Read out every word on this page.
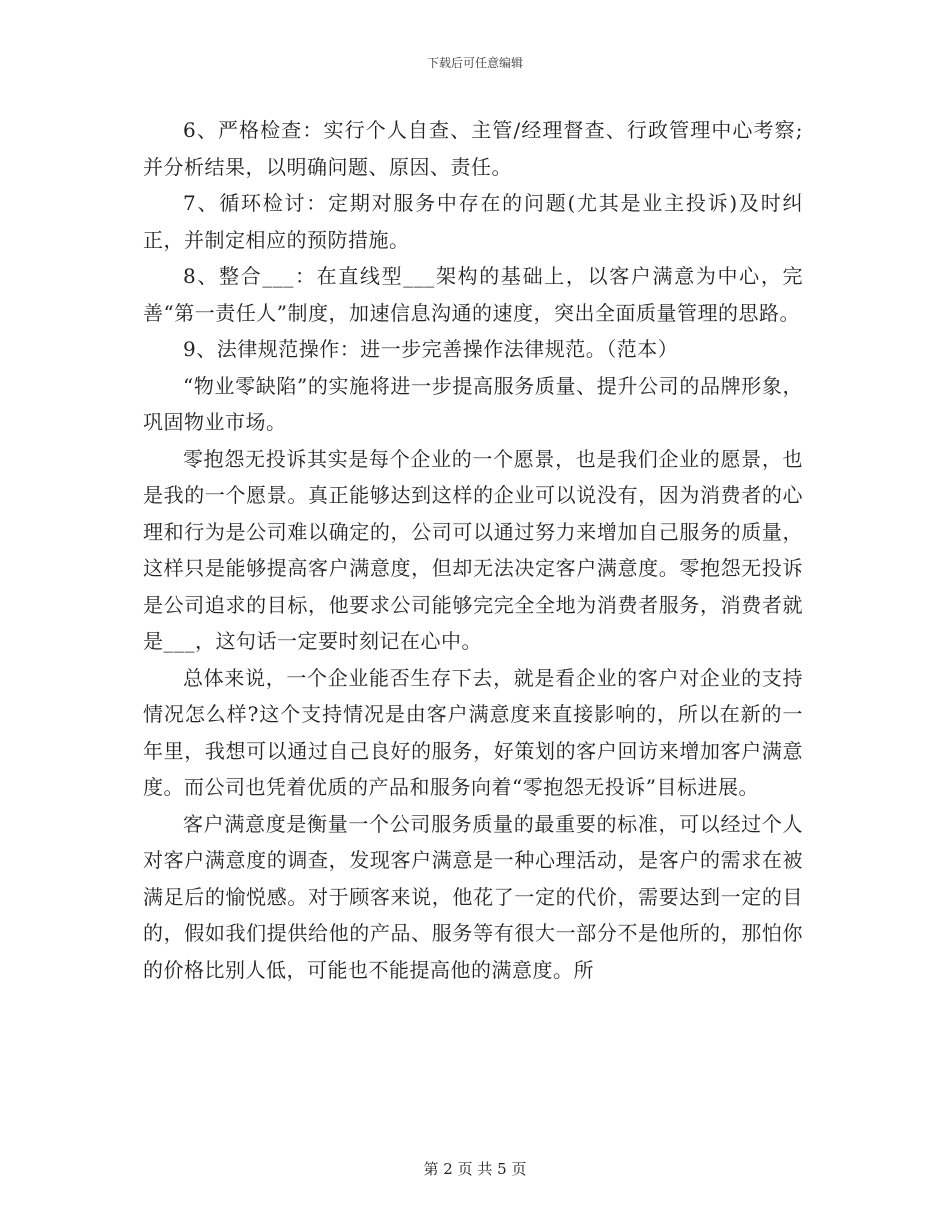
下载后可任意编辑

6、严格检查：实行个人自查、主管/经理督查、行政管理中心考察;并分析结果，以明确问题、原因、责任。

7、循环检讨：定期对服务中存在的问题(尤其是业主投诉)及时纠正，并制定相应的预防措施。

8、整合___：在直线型___架构的基础上，以客户满意为中心，完善“第一责任人”制度，加速信息沟通的速度，突出全面质量管理的思路。

9、法律规范操作：进一步完善操作法律规范。（范本）

“物业零缺陷”的实施将进一步提高服务质量、提升公司的品牌形象，巩固物业市场。

零抱怨无投诉其实是每个企业的一个愿景，也是我们企业的愿景，也是我的一个愿景。真正能够达到这样的企业可以说没有，因为消费者的心理和行为是公司难以确定的，公司可以通过努力来增加自己服务的质量，这样只是能够提高客户满意度，但却无法决定客户满意度。零抱怨无投诉是公司追求的目标，他要求公司能够完完全全地为消费者服务，消费者就是___，这句话一定要时刻记在心中。

总体来说，一个企业能否生存下去，就是看企业的客户对企业的支持情况怎么样?这个支持情况是由客户满意度来直接影响的，所以在新的一年里，我想可以通过自己良好的服务，好策划的客户回访来增加客户满意度。而公司也凭着优质的产品和服务向着“零抱怨无投诉”目标进展。

客户满意度是衡量一个公司服务质量的最重要的标准，可以经过个人对客户满意度的调查，发现客户满意是一种心理活动，是客户的需求在被满足后的愉悦感。对于顾客来说，他花了一定的代价，需要达到一定的目的，假如我们提供给他的产品、服务等有很大一部分不是他所的，那怕你的价格比别人低，可能也不能提高他的满意度。所

第 2 页 共 5 页
